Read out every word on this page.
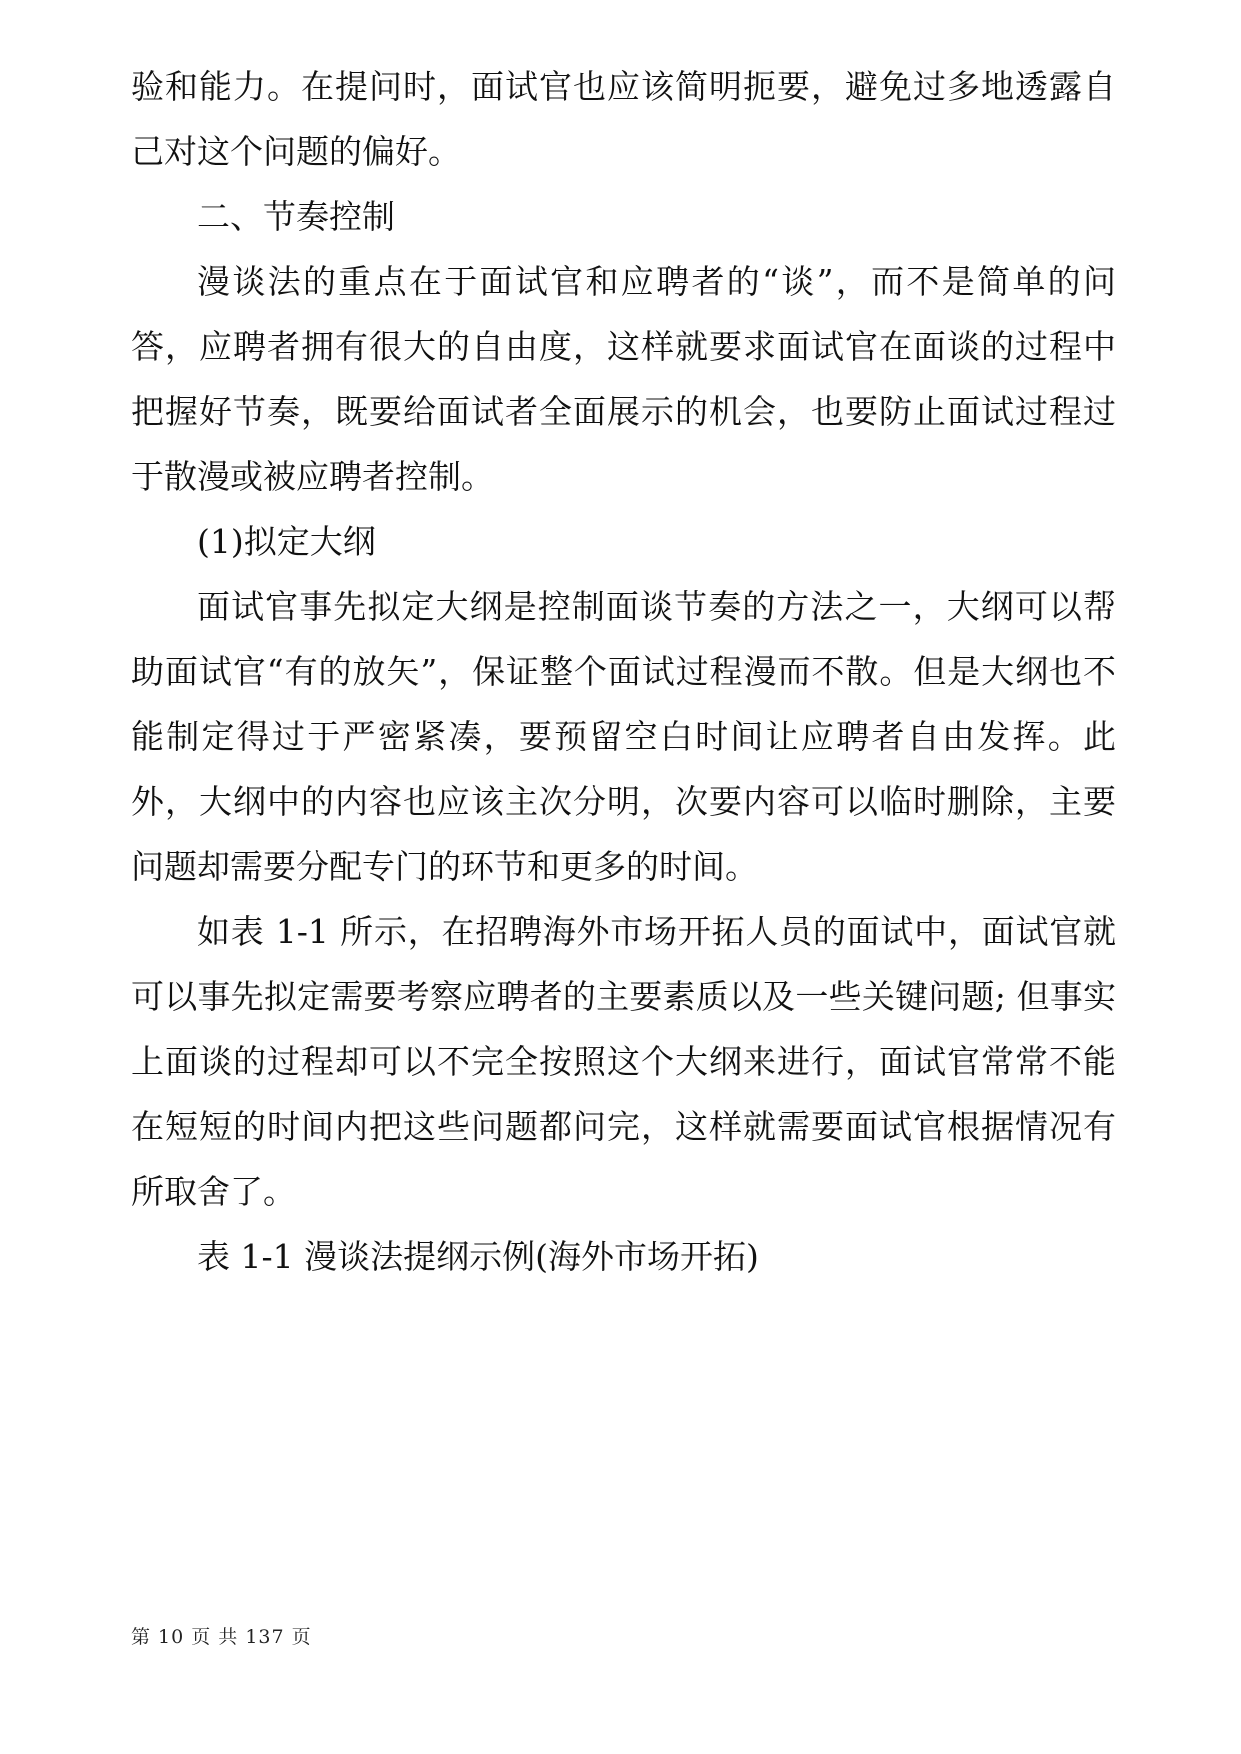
验和能力。在提问时，面试官也应该简明扼要，避免过多地透露自己对这个问题的偏好。

二、节奏控制

漫谈法的重点在于面试官和应聘者的“谈”，而不是简单的问答，应聘者拥有很大的自由度，这样就要求面试官在面谈的过程中把握好节奏，既要给面试者全面展示的机会，也要防止面试过程过于散漫或被应聘者控制。

(1)拟定大纲

面试官事先拟定大纲是控制面谈节奏的方法之一，大纲可以帮助面试官“有的放矢”，保证整个面试过程漫而不散。但是大纲也不能制定得过于严密紧凑，要预留空白时间让应聘者自由发挥。此外，大纲中的内容也应该主次分明，次要内容可以临时删除，主要问题却需要分配专门的环节和更多的时间。

如表 1-1 所示，在招聘海外市场开拓人员的面试中，面试官就可以事先拟定需要考察应聘者的主要素质以及一些关键问题; 但事实上面谈的过程却可以不完全按照这个大纲来进行，面试官常常不能在短短的时间内把这些问题都问完，这样就需要面试官根据情况有所取舍了。

表 1-1 漫谈法提纲示例(海外市场开拓)

第 10 页 共 137 页
